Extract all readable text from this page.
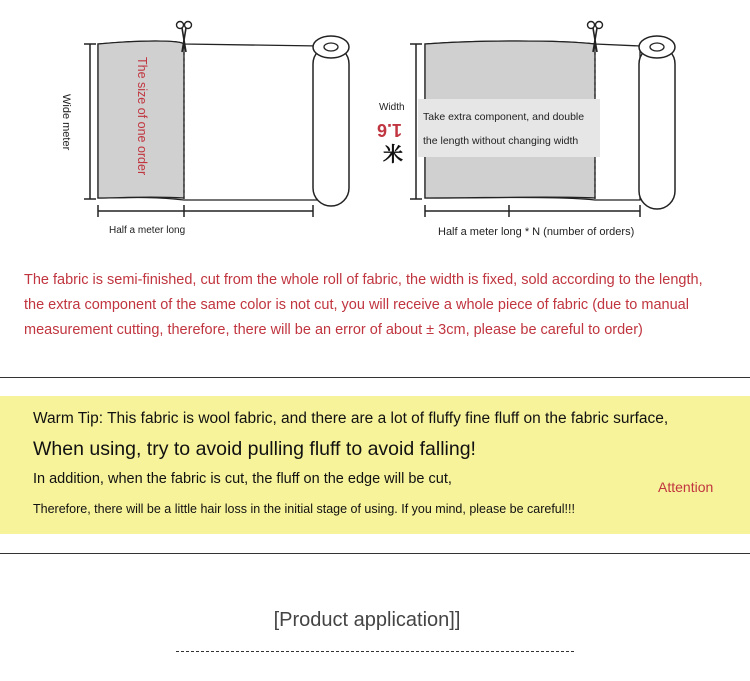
Wide meter	The size of one order
Half a meter long
Width
1.6
米
Take extra component, and double
the length without changing width
Half a meter long * N (number of orders)
The fabric is semi-finished, cut from the whole roll of fabric, the width is fixed, sold according to the length, the extra component of the same color is not cut, you will receive a whole piece of fabric (due to manual measurement cutting, therefore, there will be an error of about ± 3cm, please be careful to order)
Warm Tip: This fabric is wool fabric, and there are a lot of fluffy fine fluff on the fabric surface,
When using, try to avoid pulling fluff to avoid falling!
In addition, when the fabric is cut, the fluff on the edge will be cut,
Therefore, there will be a little hair loss in the initial stage of using. If you mind, please be careful!!!
Attention
[Product application]]
